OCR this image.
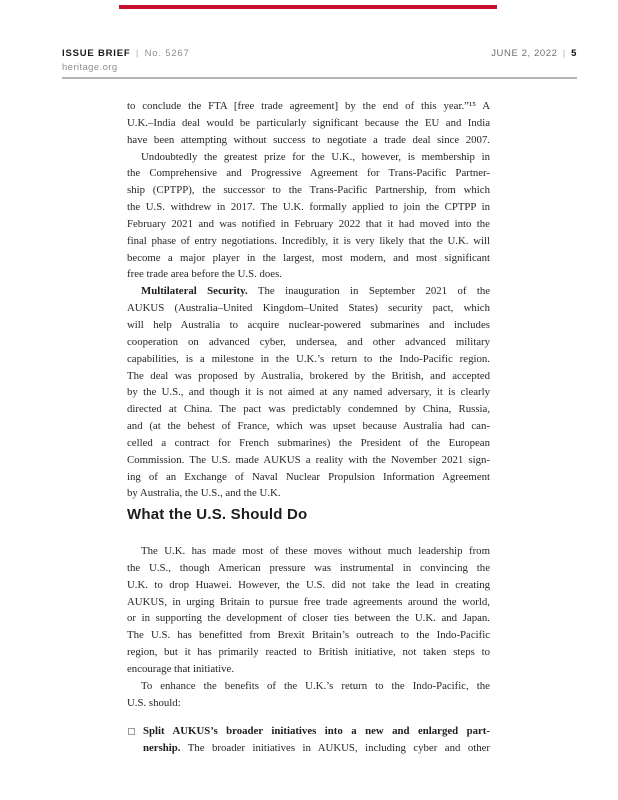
ISSUE BRIEF | No. 5267
heritage.org
JUNE 2, 2022 | 5
to conclude the FTA [free trade agreement] by the end of this year.”¹⁵ A
U.K.–India deal would be particularly significant because the EU and India
have been attempting without success to negotiate a trade deal since 2007.
Undoubtedly the greatest prize for the U.K., however, is membership in
the Comprehensive and Progressive Agreement for Trans-Pacific Partner-
ship (CPTPP), the successor to the Trans-Pacific Partnership, from which
the U.S. withdrew in 2017. The U.K. formally applied to join the CPTPP in
February 2021 and was notified in February 2022 that it had moved into the
final phase of entry negotiations. Incredibly, it is very likely that the U.K. will
become a major player in the largest, most modern, and most significant
free trade area before the U.S. does.
Multilateral Security. The inauguration in September 2021 of the
AUKUS (Australia–United Kingdom–United States) security pact, which
will help Australia to acquire nuclear-powered submarines and includes
cooperation on advanced cyber, undersea, and other advanced military
capabilities, is a milestone in the U.K.’s return to the Indo-Pacific region.
The deal was proposed by Australia, brokered by the British, and accepted
by the U.S., and though it is not aimed at any named adversary, it is clearly
directed at China. The pact was predictably condemned by China, Russia,
and (at the behest of France, which was upset because Australia had can-
celled a contract for French submarines) the President of the European
Commission. The U.S. made AUKUS a reality with the November 2021 sign-
ing of an Exchange of Naval Nuclear Propulsion Information Agreement
by Australia, the U.S., and the U.K.
What the U.S. Should Do
The U.K. has made most of these moves without much leadership from
the U.S., though American pressure was instrumental in convincing the
U.K. to drop Huawei. However, the U.S. did not take the lead in creating
AUKUS, in urging Britain to pursue free trade agreements around the world,
or in supporting the development of closer ties between the U.K. and Japan.
The U.S. has benefitted from Brexit Britain’s outreach to the Indo-Pacific
region, but it has primarily reacted to British initiative, not taken steps to
encourage that initiative.
To enhance the benefits of the U.K.’s return to the Indo-Pacific, the
U.S. should:
Split AUKUS’s broader initiatives into a new and enlarged part-
nership. The broader initiatives in AUKUS, including cyber and other
